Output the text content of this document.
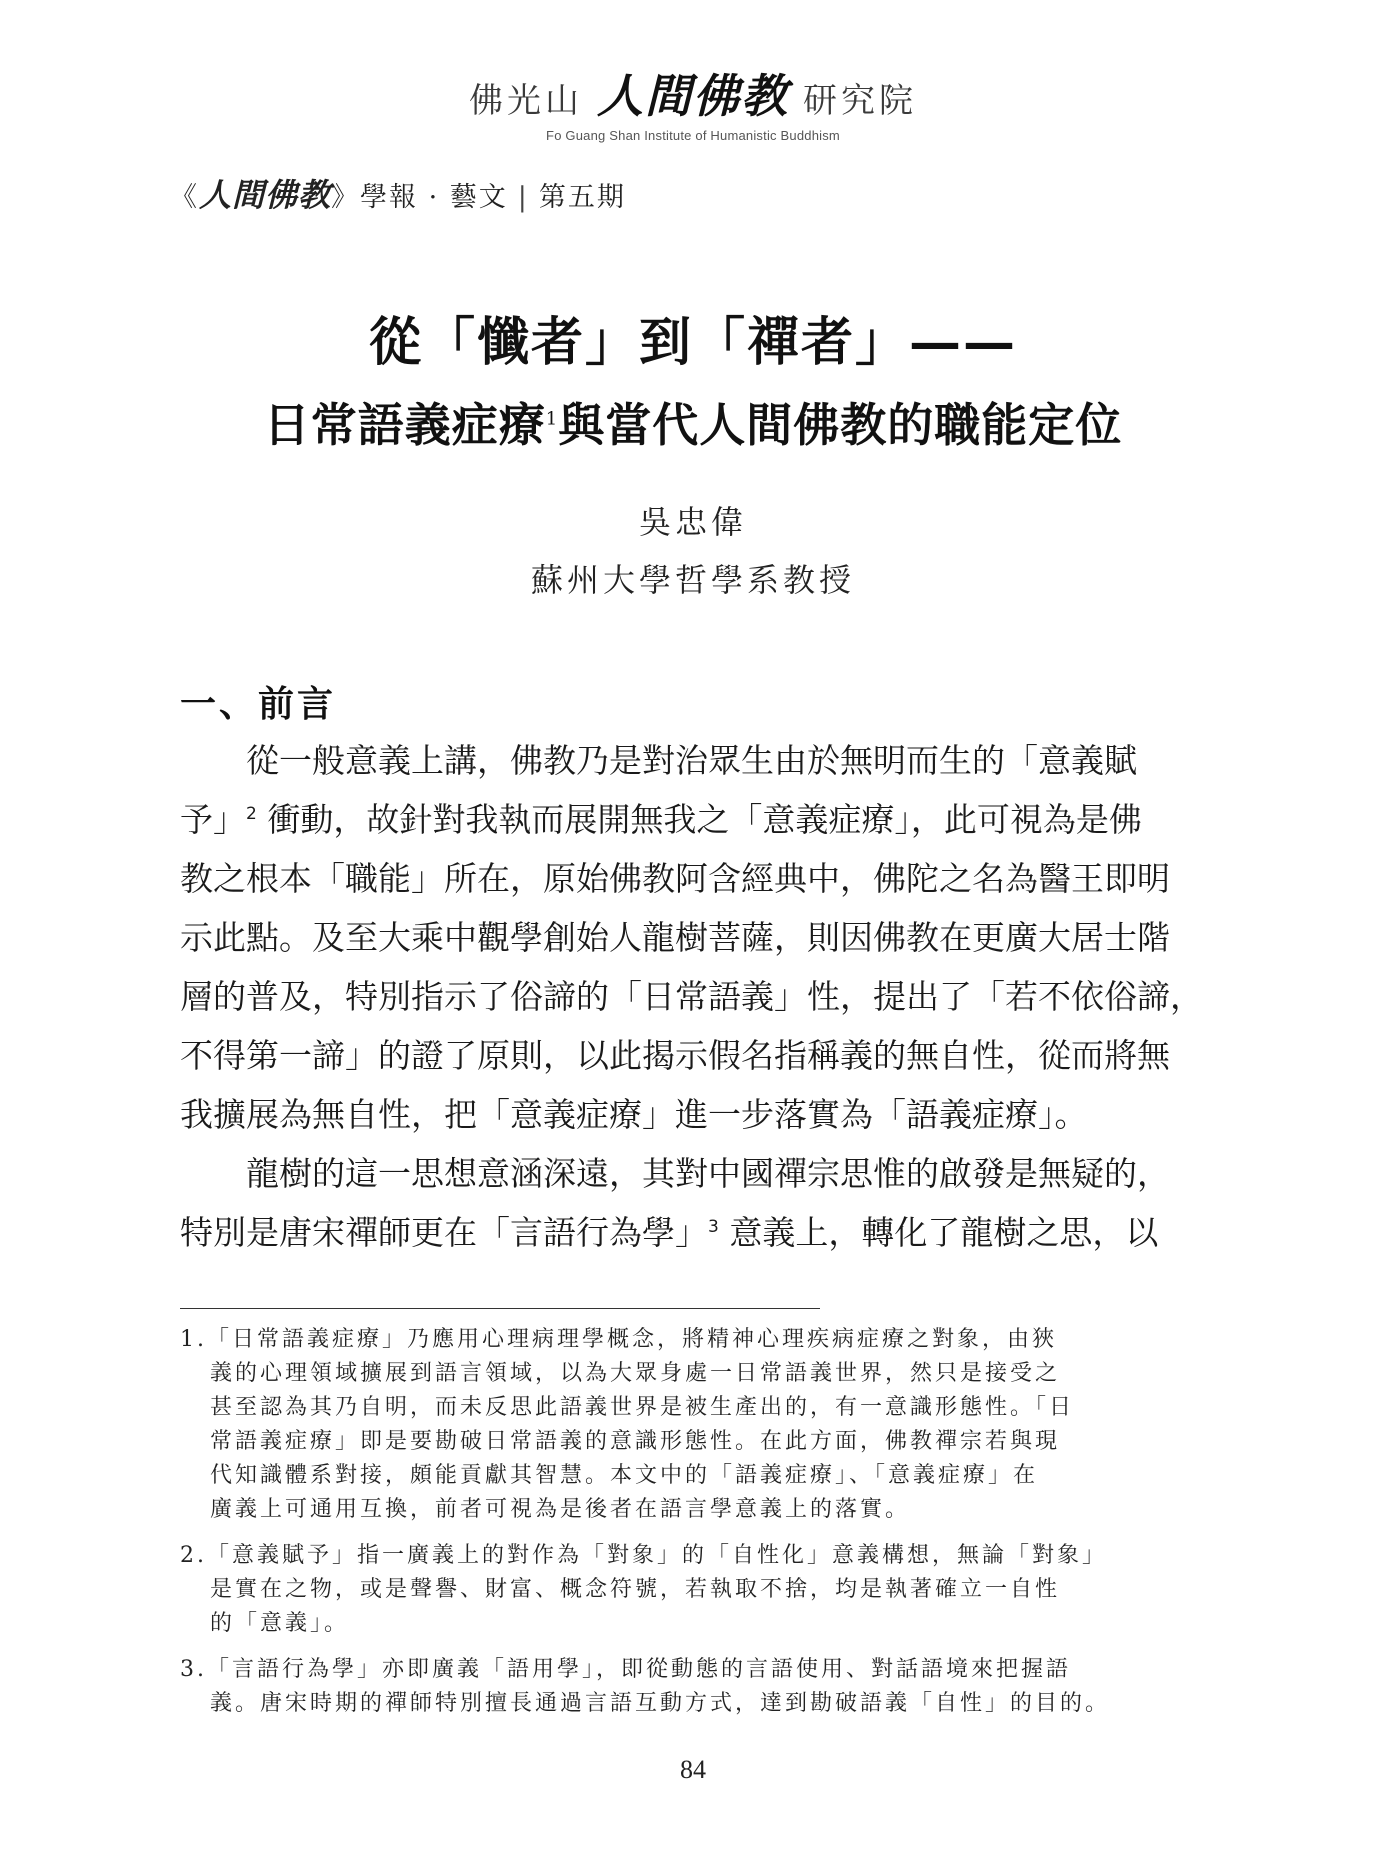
佛光山 人間佛教 研究院
Fo Guang Shan Institute of Humanistic Buddhism
《 人間佛教 》 學報 · 藝文 | 第五期
從「懺者」到「禪者」——
日常語義症療$^1$與當代人間佛教的職能定位
吳忠偉
蘇州大學哲學系教授
一、前言
　　從一般意義上講，佛教乃是對治眾生由於無明而生的「意義賦
予」$^2$ 衝動，故針對我執而展開無我之「意義症療」，此可視為是佛
教之根本「職能」所在，原始佛教阿含經典中，佛陀之名為醫王即明
示此點。及至大乘中觀學創始人龍樹菩薩，則因佛教在更廣大居士階
層的普及，特別指示了俗諦的「日常語義」性，提出了「若不依俗諦，
不得第一諦」的證了原則，以此揭示假名指稱義的無自性，從而將無
我擴展為無自性，把「意義症療」進一步落實為「語義症療」。
　　龍樹的這一思想意涵深遠，其對中國禪宗思惟的啟發是無疑的，
特別是唐宋禪師更在「言語行為學」$^3$ 意義上，轉化了龍樹之思，以
1.「日常語義症療」乃應用心理病理學概念，將精神心理疾病症療之對象，由狹
義的心理領域擴展到語言領域，以為大眾身處一日常語義世界，然只是接受之
甚至認為其乃自明，而未反思此語義世界是被生產出的，有一意識形態性。「日
常語義症療」即是要勘破日常語義的意識形態性。在此方面，佛教禪宗若與現
代知識體系對接，頗能貢獻其智慧。本文中的「語義症療」、「意義症療」在
廣義上可通用互換，前者可視為是後者在語言學意義上的落實。
2.「意義賦予」指一廣義上的對作為「對象」的「自性化」意義構想，無論「對象」
是實在之物，或是聲譽、財富、概念符號，若執取不捨，均是執著確立一自性
的「意義」。
3.「言語行為學」亦即廣義「語用學」，即從動態的言語使用、對話語境來把握語
義。唐宋時期的禪師特別擅長通過言語互動方式，達到勘破語義「自性」的目的。
84
